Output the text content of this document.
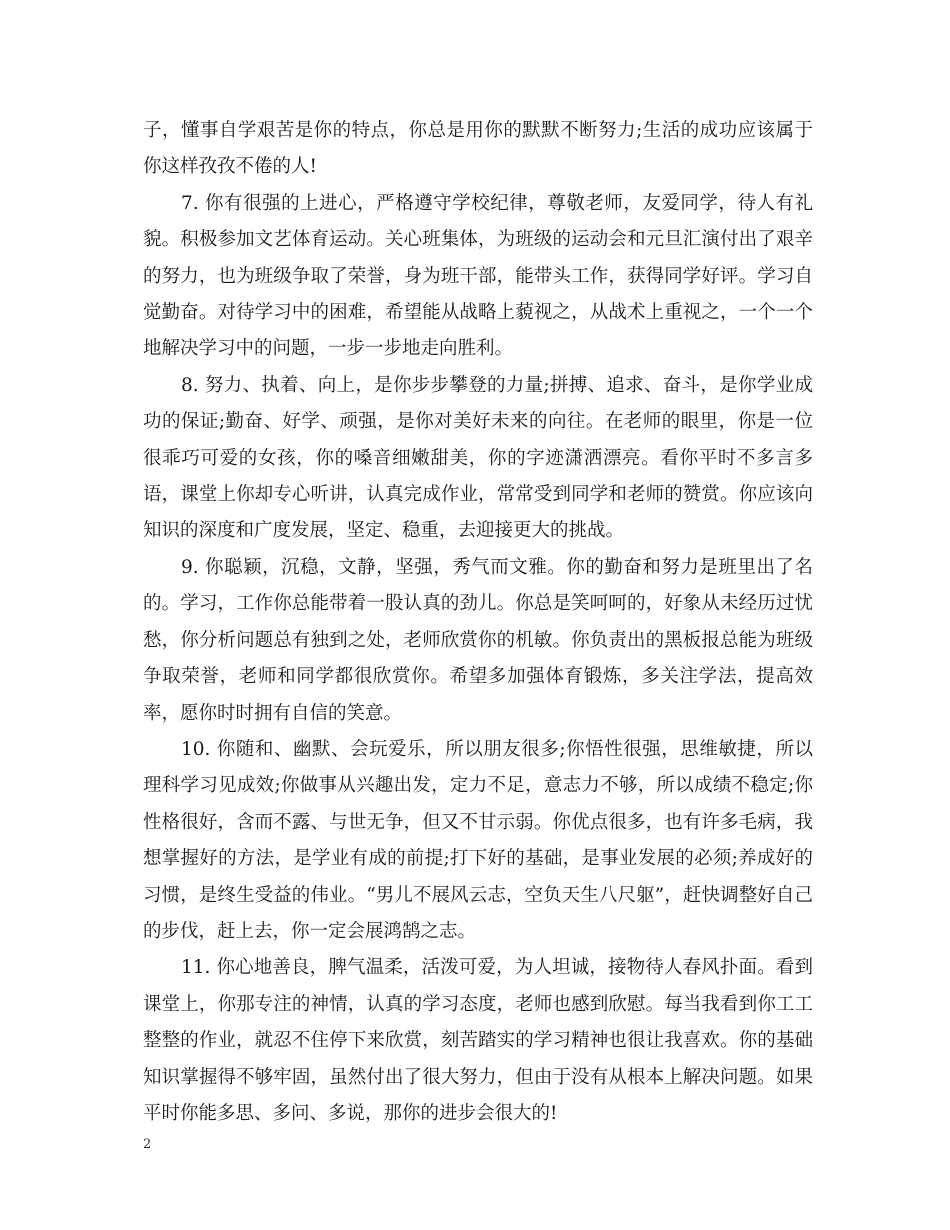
子，懂事自学艰苦是你的特点，你总是用你的默默不断努力;生活的成功应该属于你这样孜孜不倦的人!

7. 你有很强的上进心，严格遵守学校纪律，尊敬老师，友爱同学，待人有礼貌。积极参加文艺体育运动。关心班集体，为班级的运动会和元旦汇演付出了艰辛的努力，也为班级争取了荣誉，身为班干部，能带头工作，获得同学好评。学习自觉勤奋。对待学习中的困难，希望能从战略上藐视之，从战术上重视之，一个一个地解决学习中的问题，一步一步地走向胜利。

8. 努力、执着、向上，是你步步攀登的力量;拼搏、追求、奋斗，是你学业成功的保证;勤奋、好学、顽强，是你对美好未来的向往。在老师的眼里，你是一位很乖巧可爱的女孩，你的嗓音细嫩甜美，你的字迹潇洒漂亮。看你平时不多言多语，课堂上你却专心听讲，认真完成作业，常常受到同学和老师的赞赏。你应该向知识的深度和广度发展，坚定、稳重，去迎接更大的挑战。

9. 你聪颖，沉稳，文静，坚强，秀气而文雅。你的勤奋和努力是班里出了名的。学习，工作你总能带着一股认真的劲儿。你总是笑呵呵的，好象从未经历过忧愁，你分析问题总有独到之处，老师欣赏你的机敏。你负责出的黑板报总能为班级争取荣誉，老师和同学都很欣赏你。希望多加强体育锻炼，多关注学法，提高效率，愿你时时拥有自信的笑意。

10. 你随和、幽默、会玩爱乐，所以朋友很多;你悟性很强，思维敏捷，所以理科学习见成效;你做事从兴趣出发，定力不足，意志力不够，所以成绩不稳定;你性格很好，含而不露、与世无争，但又不甘示弱。你优点很多，也有许多毛病，我想掌握好的方法，是学业有成的前提;打下好的基础，是事业发展的必须;养成好的习惯，是终生受益的伟业。“男儿不展风云志，空负天生八尺躯”，赶快调整好自己的步伐，赶上去，你一定会展鸿鹄之志。

11. 你心地善良，脾气温柔，活泼可爱，为人坦诚，接物待人春风扑面。看到课堂上，你那专注的神情，认真的学习态度，老师也感到欣慰。每当我看到你工工整整的作业，就忍不住停下来欣赏，刻苦踏实的学习精神也很让我喜欢。你的基础知识掌握得不够牢固，虽然付出了很大努力，但由于没有从根本上解决问题。如果平时你能多思、多问、多说，那你的进步会很大的!

2
